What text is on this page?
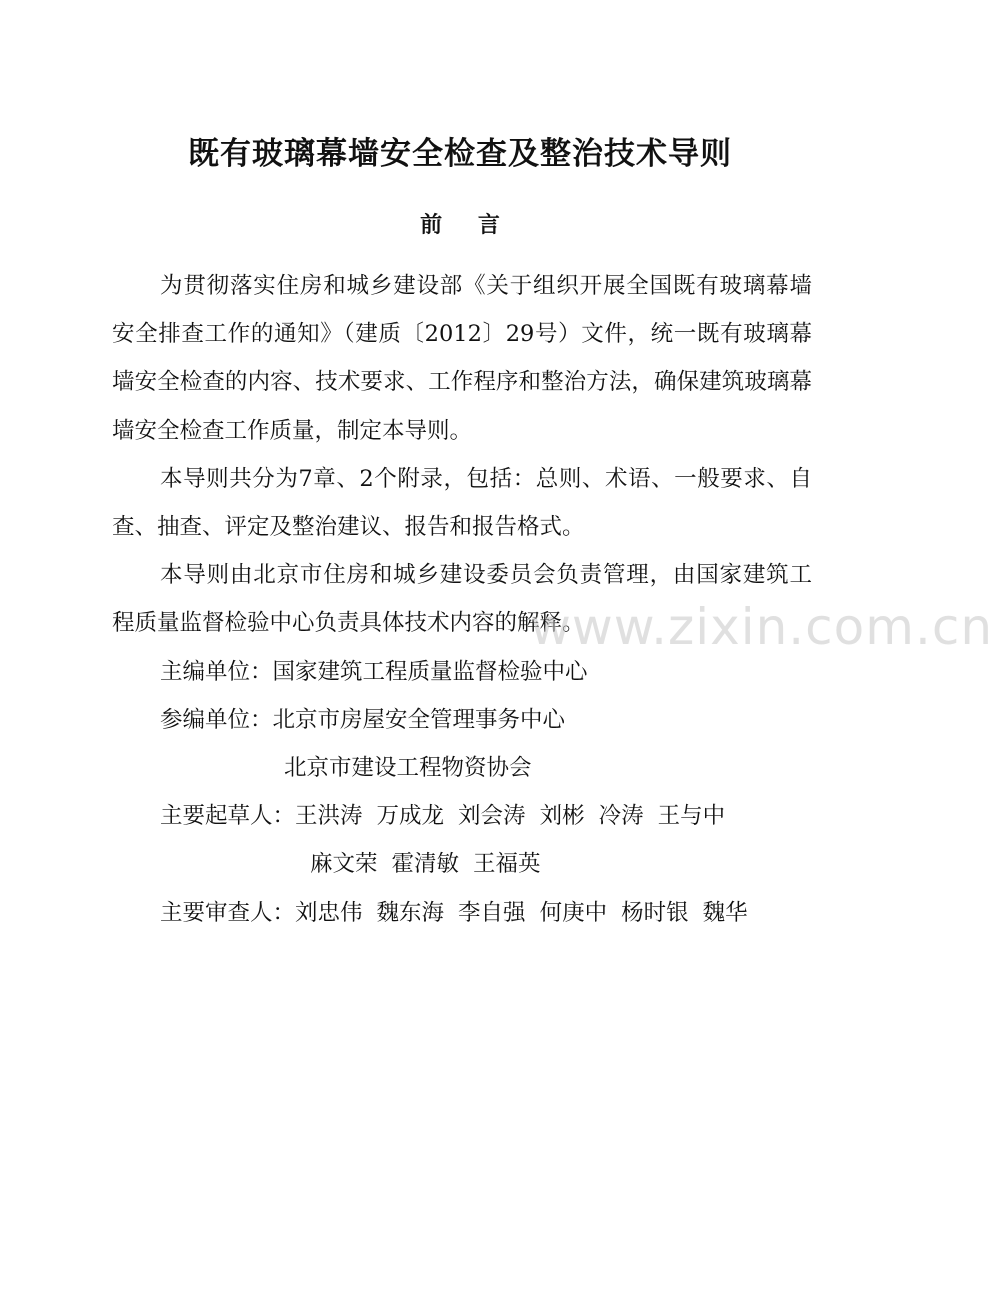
既有玻璃幕墙安全检查及整治技术导则
前 言

为贯彻落实住房和城乡建设部《关于组织开展全国既有玻璃幕墙安全排查工作的通知》（建质〔2012〕29号）文件，统一既有玻璃幕墙安全检查的内容、技术要求、工作程序和整治方法，确保建筑玻璃幕墙安全检查工作质量，制定本导则。

本导则共分为7章、2个附录，包括：总则、术语、一般要求、自查、抽查、评定及整治建议、报告和报告格式。

本导则由北京市住房和城乡建设委员会负责管理，由国家建筑工程质量监督检验中心负责具体技术内容的解释。

主编单位：国家建筑工程质量监督检验中心

参编单位：北京市房屋安全管理事务中心

北京市建设工程物资协会

主要起草人：王洪涛 万成龙 刘会涛 刘彬 冷涛 王与中

麻文荣 霍清敏 王福英

主要审查人：刘忠伟 魏东海 李自强 何庚中 杨时银 魏华

www.zixin.com.cn
